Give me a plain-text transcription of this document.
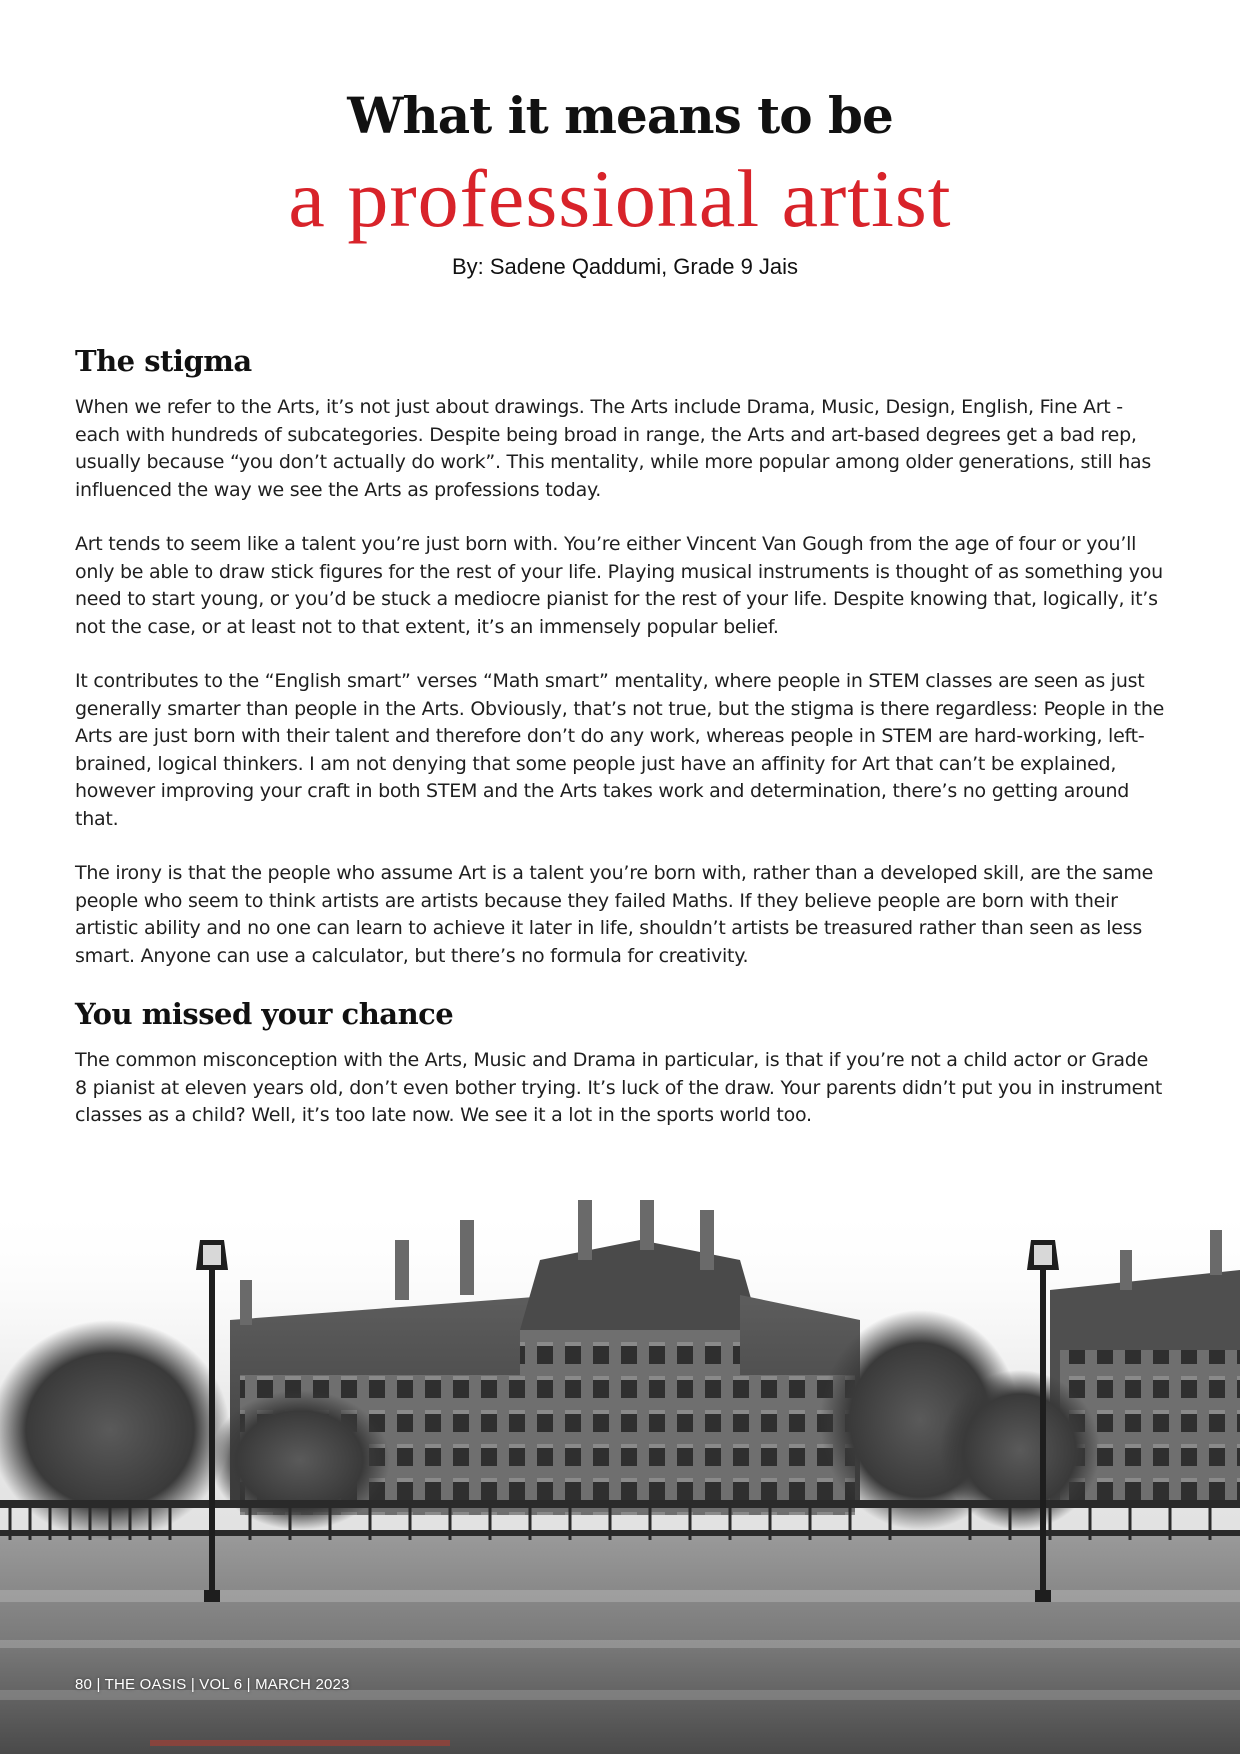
What it means to be
a professional artist

By: Sadene Qaddumi, Grade 9 Jais

The stigma

When we refer to the Arts, it’s not just about drawings. The Arts include Drama, Music, Design, English, Fine Art - each with hundreds of subcategories. Despite being broad in range, the Arts and art-based degrees get a bad rep, usually because “you don’t actually do work”. This mentality, while more popular among older generations, still has influenced the way we see the Arts as professions today.

Art tends to seem like a talent you’re just born with. You’re either Vincent Van Gough from the age of four or you’ll only be able to draw stick figures for the rest of your life. Playing musical instruments is thought of as something you need to start young, or you’d be stuck a mediocre pianist for the rest of your life. Despite knowing that, logically, it’s not the case, or at least not to that extent, it’s an immensely popular belief.

It contributes to the “English smart” verses “Math smart” mentality, where people in STEM classes are seen as just generally smarter than people in the Arts. Obviously, that’s not true, but the stigma is there regardless: People in the Arts are just born with their talent and therefore don’t do any work, whereas people in STEM are hard-working, left-brained, logical thinkers. I am not denying that some people just have an affinity for Art that can’t be explained, however improving your craft in both STEM and the Arts takes work and determination, there’s no getting around that.

The irony is that the people who assume Art is a talent you’re born with, rather than a developed skill, are the same people who seem to think artists are artists because they failed Maths. If they believe people are born with their artistic ability and no one can learn to achieve it later in life, shouldn’t artists be treasured rather than seen as less smart. Anyone can use a calculator, but there’s no formula for creativity.

You missed your chance

The common misconception with the Arts, Music and Drama in particular, is that if you’re not a child actor or Grade 8 pianist at eleven years old, don’t even bother trying. It’s luck of the draw. Your parents didn’t put you in instrument classes as a child? Well, it’s too late now. We see it a lot in the sports world too.

80 | THE OASIS | VOL 6 | MARCH 2023
